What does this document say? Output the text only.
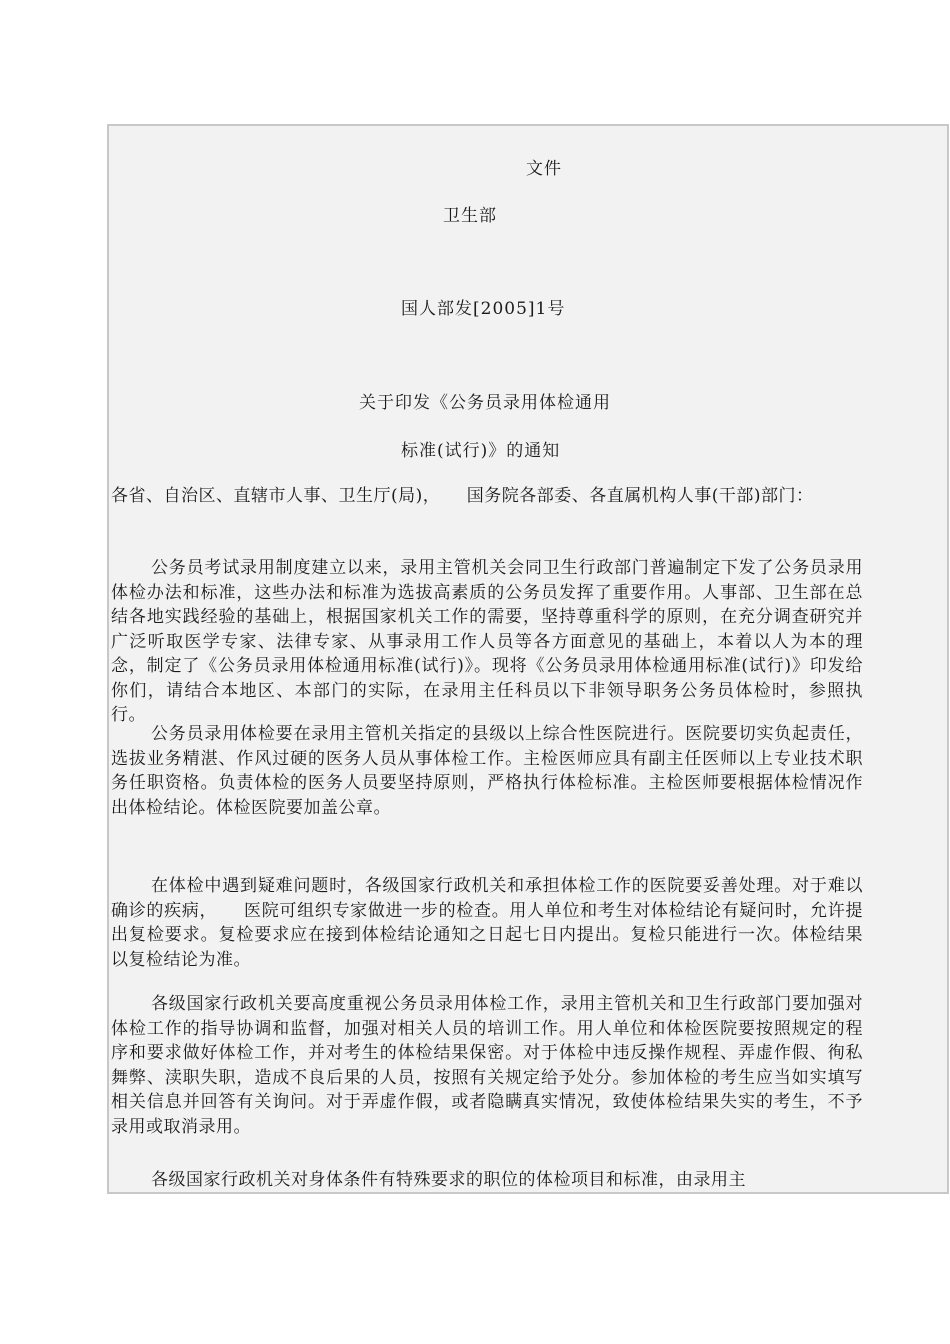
文件
卫生部
国人部发[2005]1号
关于印发《公务员录用体检通用
标准(试行)》的通知
各省、自治区、直辖市人事、卫生厅(局)，　　国务院各部委、各直属机构人事(干部)部门：
公务员考试录用制度建立以来，录用主管机关会同卫生行政部门普遍制定下发了公务员录用体检办法和标准，这些办法和标准为选拔高素质的公务员发挥了重要作用。人事部、卫生部在总结各地实践经验的基础上，根据国家机关工作的需要，坚持尊重科学的原则，在充分调查研究并广泛听取医学专家、法律专家、从事录用工作人员等各方面意见的基础上，本着以人为本的理念，制定了《公务员录用体检通用标准(试行)》。现将《公务员录用体检通用标准(试行)》印发给你们，请结合本地区、本部门的实际，在录用主任科员以下非领导职务公务员体检时，参照执行。
公务员录用体检要在录用主管机关指定的县级以上综合性医院进行。医院要切实负起责任，选拔业务精湛、作风过硬的医务人员从事体检工作。主检医师应具有副主任医师以上专业技术职务任职资格。负责体检的医务人员要坚持原则，严格执行体检标准。主检医师要根据体检情况作出体检结论。体检医院要加盖公章。
在体检中遇到疑难问题时，各级国家行政机关和承担体检工作的医院要妥善处理。对于难以确诊的疾病，　　医院可组织专家做进一步的检查。用人单位和考生对体检结论有疑问时，允许提出复检要求。复检要求应在接到体检结论通知之日起七日内提出。复检只能进行一次。体检结果以复检结论为准。
各级国家行政机关要高度重视公务员录用体检工作，录用主管机关和卫生行政部门要加强对体检工作的指导协调和监督，加强对相关人员的培训工作。用人单位和体检医院要按照规定的程序和要求做好体检工作，并对考生的体检结果保密。对于体检中违反操作规程、弄虚作假、徇私舞弊、渎职失职，造成不良后果的人员，按照有关规定给予处分。参加体检的考生应当如实填写相关信息并回答有关询问。对于弄虚作假，或者隐瞒真实情况，致使体检结果失实的考生，不予录用或取消录用。
各级国家行政机关对身体条件有特殊要求的职位的体检项目和标准，由录用主
